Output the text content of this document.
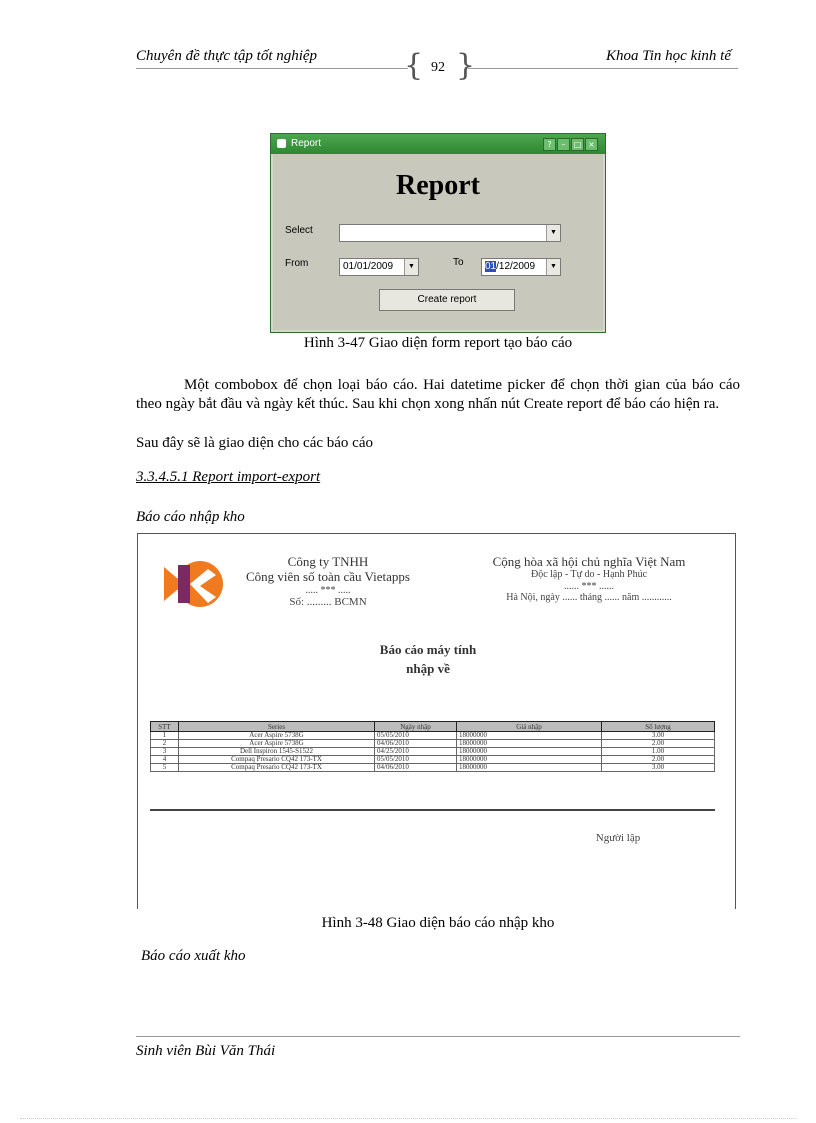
Chuyên đề thực tập tốt nghiệp	Khoa Tin học kinh tế
{ }
92
Report	?	–	□ ×
Report
Select	▼
From	01/01/2009	▼	To 01/12/2009	▼
Create report
Hình 3-47 Giao diện form report tạo báo cáo
Một combobox để chọn loại báo cáo. Hai datetime picker để chọn thời gian của báo cáo theo ngày bắt đầu và ngày kết thúc. Sau khi chọn xong nhấn nút Create report để báo cáo hiện ra.
Sau đây sẽ là giao diện cho các báo cáo
3.3.4.5.1 Report import-export
Báo cáo nhập kho
Công ty TNHH
Công viên số toàn cầu Vietapps
..... *** .....
Số: ......... BCMN
Cộng hòa xã hội chủ nghĩa Việt Nam
Độc lập - Tự do - Hạnh Phúc
...... *** ......
Hà Nội, ngày ...... tháng ...... năm ............
Báo cáo máy tính
nhập về
STT	Series	Ngày nhập	Giá nhập	Số lượng
1	Acer Aspire 5738G	05/05/2010	18000000	3.00
2	Acer Aspire 5738G	04/06/2010	18000000	2.00
3	Dell Inspiron 1545-S1522	04/25/2010	18000000	1.00
4	Compaq Presario CQ42 173-TX	05/05/2010	18000000	2.00
5	Compaq Presario CQ42 173-TX	04/06/2010	18000000	3.00
Người lập
Hình 3-48 Giao diện báo cáo nhập kho
Báo cáo xuất kho
Sinh viên Bùi Văn Thái
